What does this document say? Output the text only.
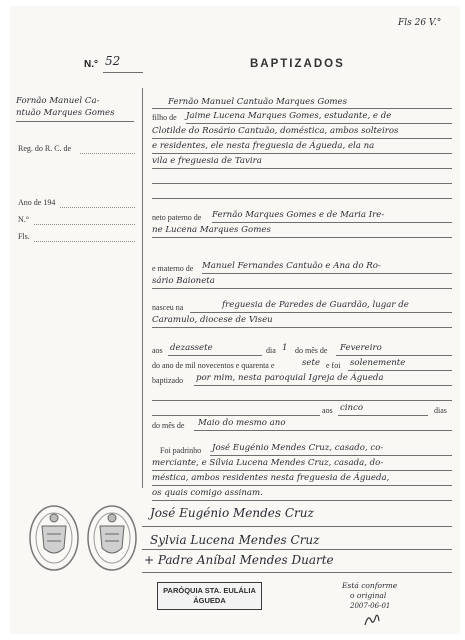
Fls 26 V.°
N.° 52	BAPTIZADOS
Fornão Manuel Ca-
ntuão Marques Gomes
Reg. do R. C. de
Ano de 194
N.°
Fls.
Fernão Manuel Cantuão Marques Gomes
filho de Jaime Lucena Marques Gomes, estudante, e de
Clotilde do Rosário Cantuão, doméstica, ambos solteiros
e residentes, ele nesta freguesia de Águeda, ela na
vila e freguesia de Tavira
neto paterno de Fernão Marques Gomes e de Maria Ire-
ne Lucena Marques Gomes
e materno de Manuel Fernandes Cantuão e Ana do Ro-
sário Baioneta
nasceu na	freguesia de Paredes de Guardão, lugar de
Caramulo, diocese de Viseu
aos dezassete	dia 1 do mês de Fevereiro
do ano de mil novecentos e quarenta e	sete e foi solenemente
baptizado por mim, nesta paroquial Igreja de Águeda
aos cinco	dias
do mês de Maio do mesmo ano
Foi padrinho José Eugénio Mendes Cruz, casado, co-
merciante, e Sílvia Lucena Mendes Cruz, casada, do-
méstica, ambos residentes nesta freguesia de Águeda,
os quais comigo assinam.
José Eugénio Mendes Cruz
Sylvia Lucena Mendes Cruz
+ Padre Aníbal Mendes Duarte
PARÓQUIA STA. EULÁLIA
ÁGUEDA
Está conforme
o original
2007-06-01
